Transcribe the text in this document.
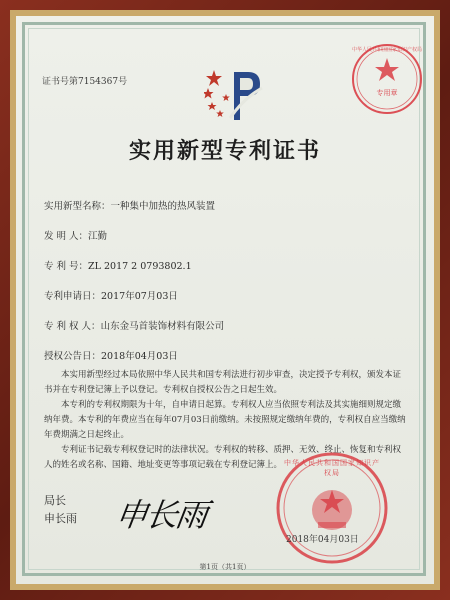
证书号第7154367号
专用章
中华人民共和国国家知识产权局
实用新型专利证书
实用新型名称：一种集中加热的热风装置
发 明 人：江勤
专 利 号：ZL 2017 2 0793802.1
专利申请日：2017年07月03日
专 利 权 人：山东金马首装饰材料有限公司
授权公告日：2018年04月03日
本实用新型经过本局依照中华人民共和国专利法进行初步审查，决定授予专利权，颁发本证书并在专利登记簿上予以登记。专利权自授权公告之日起生效。
本专利的专利权期限为十年，自申请日起算。专利权人应当依照专利法及其实施细则规定缴纳年费。本专利的年费应当在每年07月03日前缴纳。未按照规定缴纳年费的，专利权自应当缴纳年费期满之日起终止。
专利证书记载专利权登记时的法律状况。专利权的转移、质押、无效、终止、恢复和专利权人的姓名或名称、国籍、地址变更等事项记载在专利登记簿上。
局长
申长雨 申长雨
中华人民共和国国家知识产权局
2018年04月03日
第1页（共1页）
